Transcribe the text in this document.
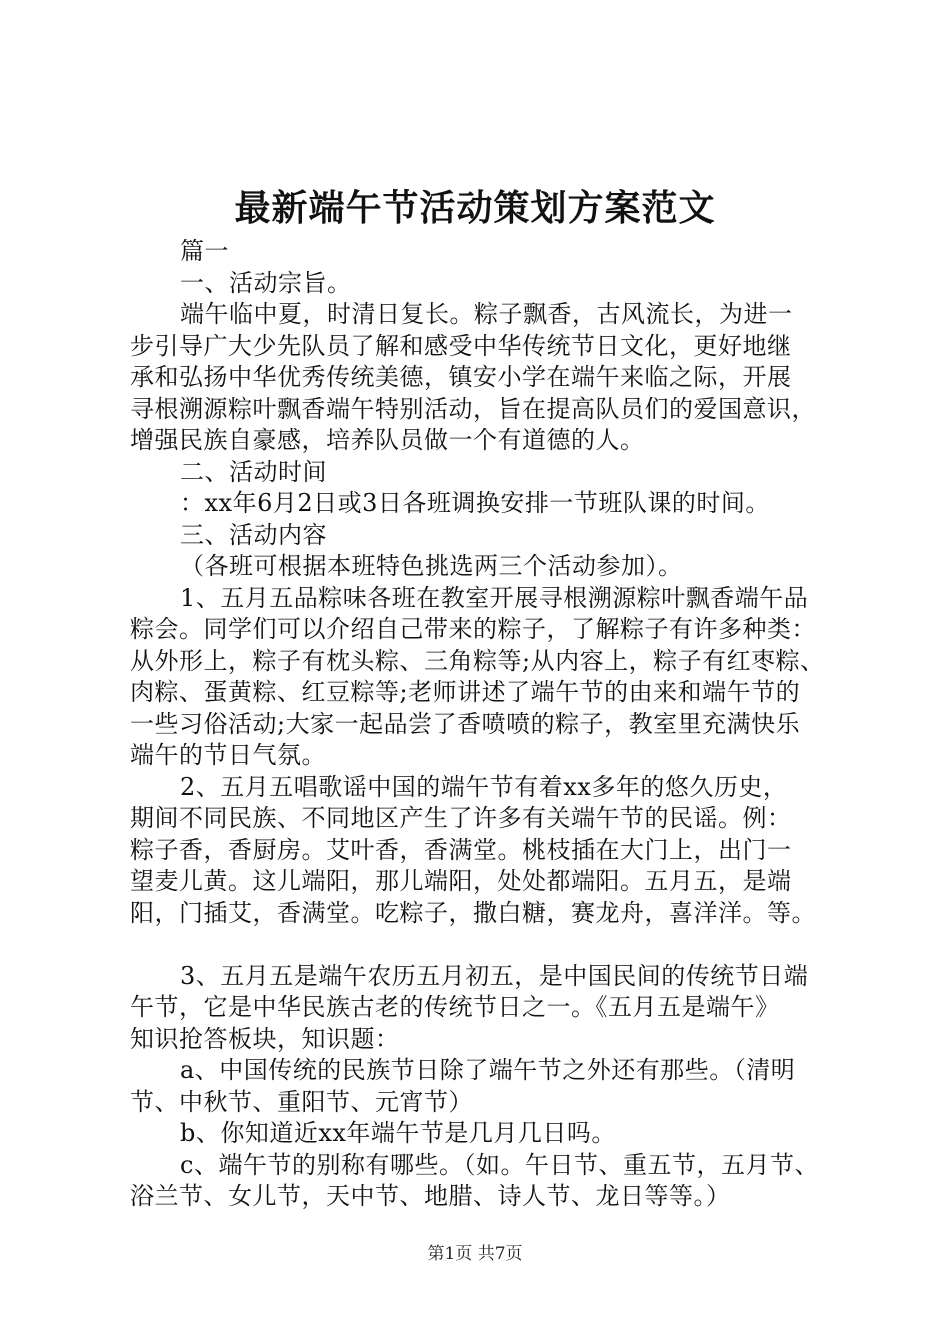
最新端午节活动策划方案范文
篇一
一、活动宗旨。
端午临中夏，时清日复长。粽子飘香，古风流长，为进一
步引导广大少先队员了解和感受中华传统节日文化，更好地继
承和弘扬中华优秀传统美德，镇安小学在端午来临之际，开展
寻根溯源粽叶飘香端午特别活动，旨在提高队员们的爱国意识，
增强民族自豪感，培养队员做一个有道德的人。
二、活动时间
：xx年6月2日或3日各班调换安排一节班队课的时间。
三、活动内容
（各班可根据本班特色挑选两三个活动参加）。
1、五月五品粽味各班在教室开展寻根溯源粽叶飘香端午品
粽会。同学们可以介绍自己带来的粽子，了解粽子有许多种类：
从外形上，粽子有枕头粽、三角粽等;从内容上，粽子有红枣粽、
肉粽、蛋黄粽、红豆粽等;老师讲述了端午节的由来和端午节的
一些习俗活动;大家一起品尝了香喷喷的粽子，教室里充满快乐
端午的节日气氛。
2、五月五唱歌谣中国的端午节有着xx多年的悠久历史，
期间不同民族、不同地区产生了许多有关端午节的民谣。例：
粽子香，香厨房。艾叶香，香满堂。桃枝插在大门上，出门一
望麦儿黄。这儿端阳，那儿端阳，处处都端阳。五月五，是端
阳，门插艾，香满堂。吃粽子，撒白糖，赛龙舟，喜洋洋。等。
3、五月五是端午农历五月初五，是中国民间的传统节日端
午节，它是中华民族古老的传统节日之一。《五月五是端午》
知识抢答板块，知识题：
a、中国传统的民族节日除了端午节之外还有那些。（清明
节、中秋节、重阳节、元宵节）
b、你知道近xx年端午节是几月几日吗。
c、端午节的别称有哪些。（如。午日节、重五节，五月节、
浴兰节、女儿节，天中节、地腊、诗人节、龙日等等。）
第1页 共7页
